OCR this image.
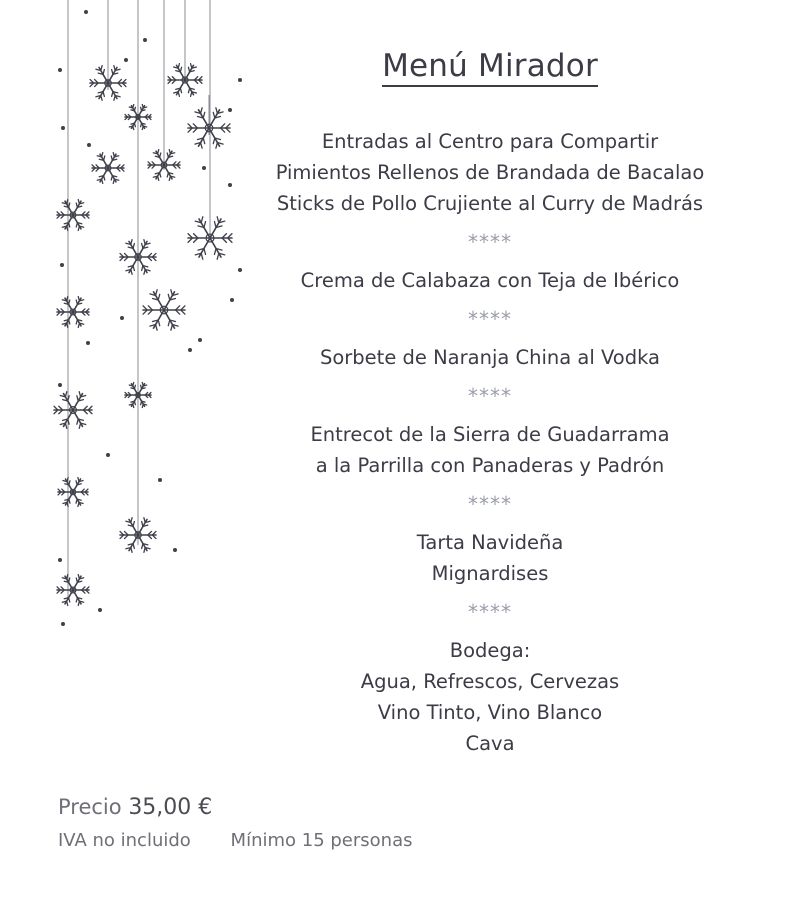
Menú Mirador
Entradas al Centro para Compartir
Pimientos Rellenos de Brandada de Bacalao
Sticks de Pollo Crujiente al Curry de Madrás
****
Crema de Calabaza con Teja de Ibérico
****
Sorbete de Naranja China al Vodka
****
Entrecot de la Sierra de Guadarrama
a la Parrilla con Panaderas y Padrón
****
Tarta Navideña
Mignardises
****
Bodega:
Agua, Refrescos, Cervezas
Vino Tinto, Vino Blanco
Cava
Precio 35,00 €
IVA no incluido Mínimo 15 personas
